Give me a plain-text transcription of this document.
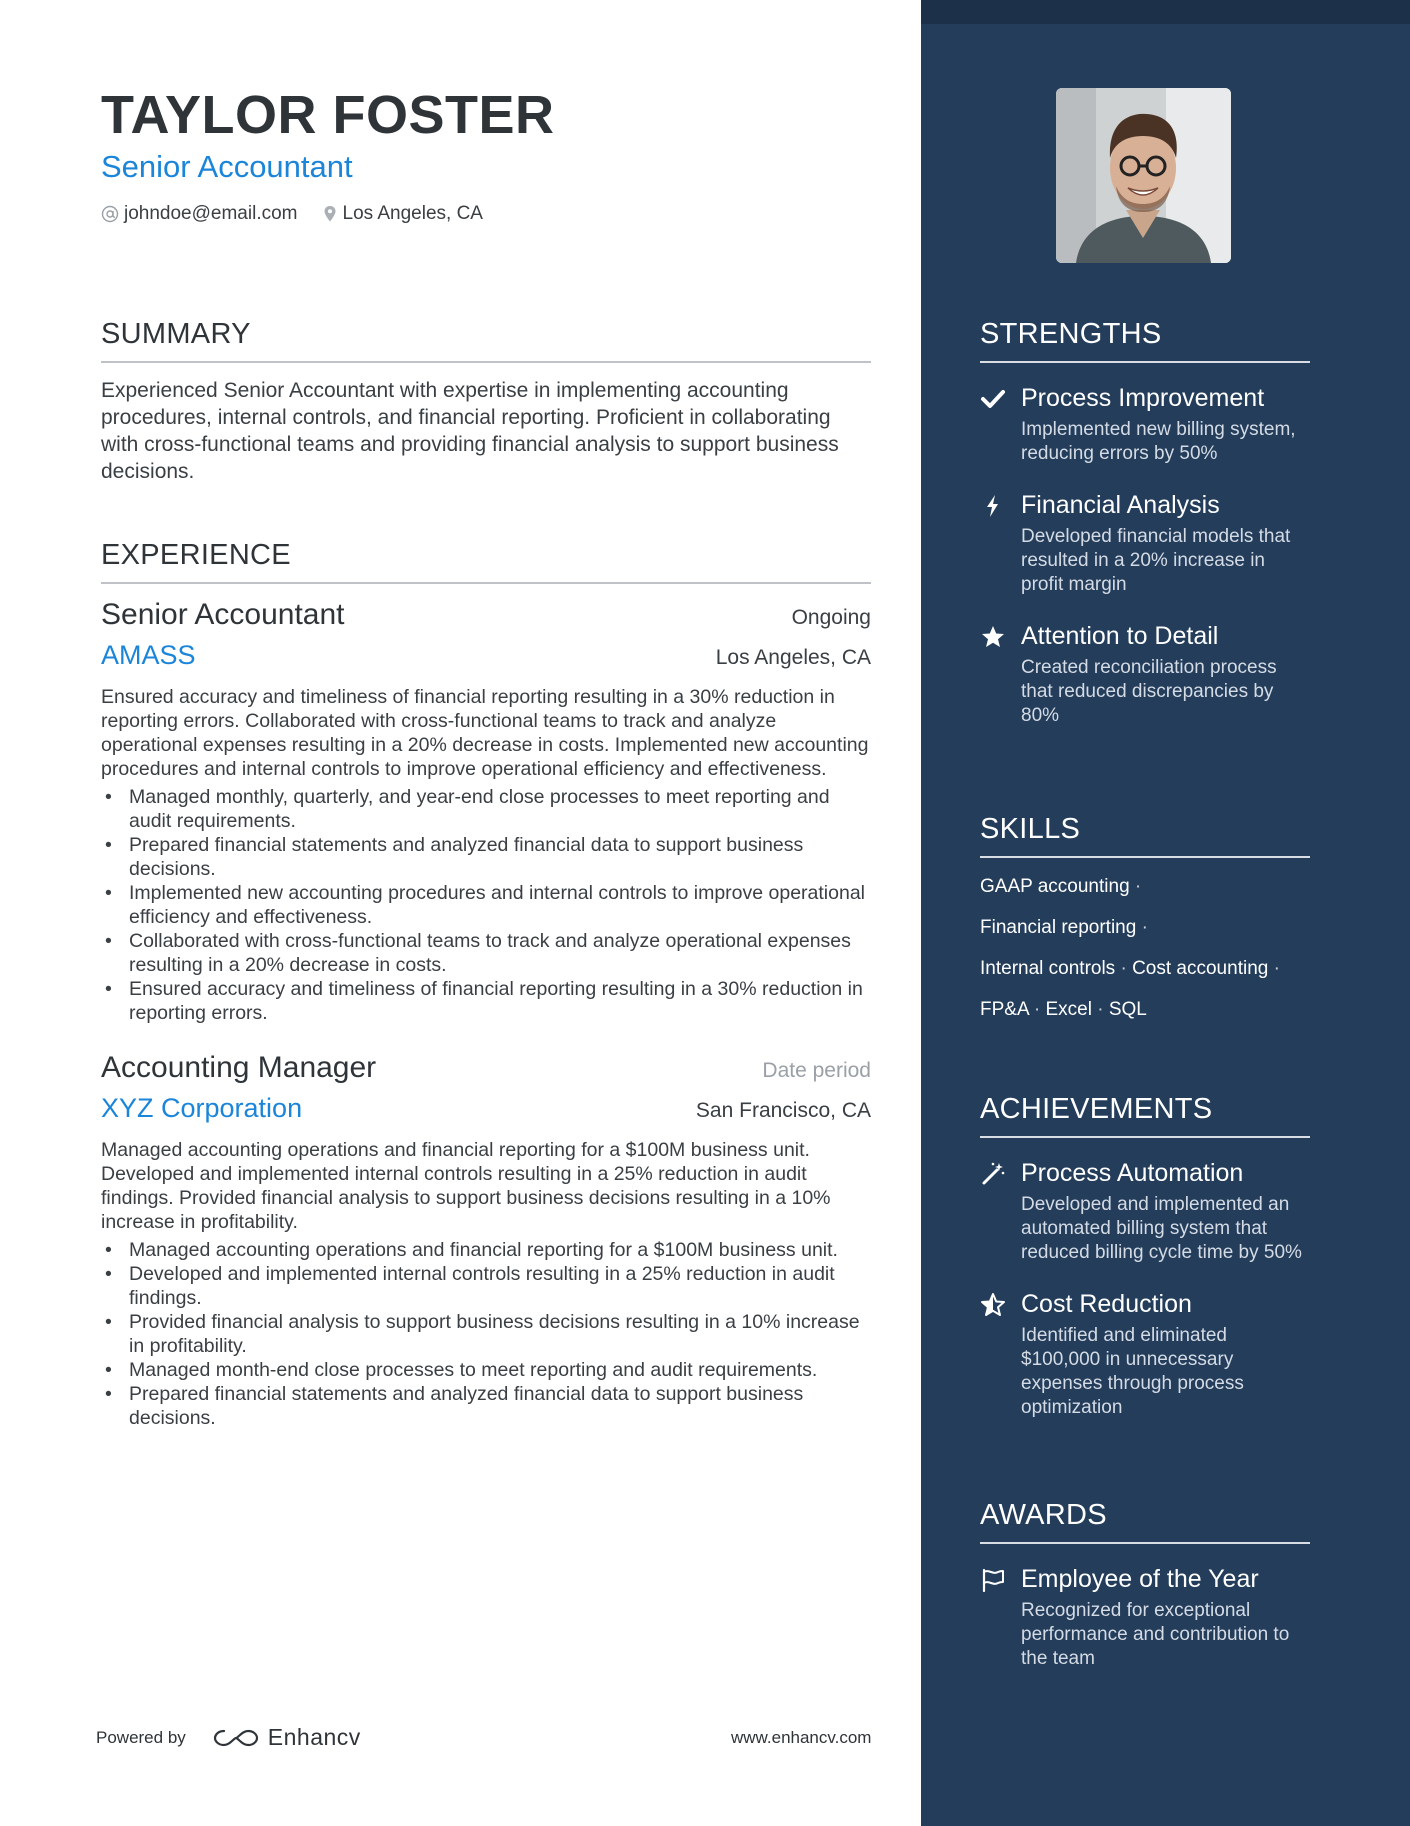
TAYLOR FOSTER
Senior Accountant
johndoe@email.com Los Angeles, CA
SUMMARY
Experienced Senior Accountant with expertise in implementing accounting procedures, internal controls, and financial reporting. Proficient in collaborating with cross-functional teams and providing financial analysis to support business decisions.
EXPERIENCE
Senior Accountant	Ongoing
AMASS	Los Angeles, CA
Ensured accuracy and timeliness of financial reporting resulting in a 30% reduction in reporting errors. Collaborated with cross-functional teams to track and analyze operational expenses resulting in a 20% decrease in costs. Implemented new accounting procedures and internal controls to improve operational efficiency and effectiveness.
• Managed monthly, quarterly, and year-end close processes to meet reporting and audit requirements.
• Prepared financial statements and analyzed financial data to support business decisions.
• Implemented new accounting procedures and internal controls to improve operational efficiency and effectiveness.
• Collaborated with cross-functional teams to track and analyze operational expenses resulting in a 20% decrease in costs.
• Ensured accuracy and timeliness of financial reporting resulting in a 30% reduction in reporting errors.
Accounting Manager	Date period
XYZ Corporation	San Francisco, CA
Managed accounting operations and financial reporting for a $100M business unit. Developed and implemented internal controls resulting in a 25% reduction in audit findings. Provided financial analysis to support business decisions resulting in a 10% increase in profitability.
• Managed accounting operations and financial reporting for a $100M business unit.
• Developed and implemented internal controls resulting in a 25% reduction in audit findings.
• Provided financial analysis to support business decisions resulting in a 10% increase in profitability.
• Managed month-end close processes to meet reporting and audit requirements.
• Prepared financial statements and analyzed financial data to support business decisions.
STRENGTHS
Process Improvement
Implemented new billing system, reducing errors by 50%
Financial Analysis
Developed financial models that resulted in a 20% increase in profit margin
Attention to Detail
Created reconciliation process that reduced discrepancies by 80%
SKILLS
GAAP accounting ·
Financial reporting ·
Internal controls · Cost accounting ·
FP&A · Excel · SQL
ACHIEVEMENTS
Process Automation
Developed and implemented an automated billing system that reduced billing cycle time by 50%
Cost Reduction
Identified and eliminated $100,000 in unnecessary expenses through process optimization
AWARDS
Employee of the Year
Recognized for exceptional performance and contribution to the team
Powered by	Enhancv	www.enhancv.com
